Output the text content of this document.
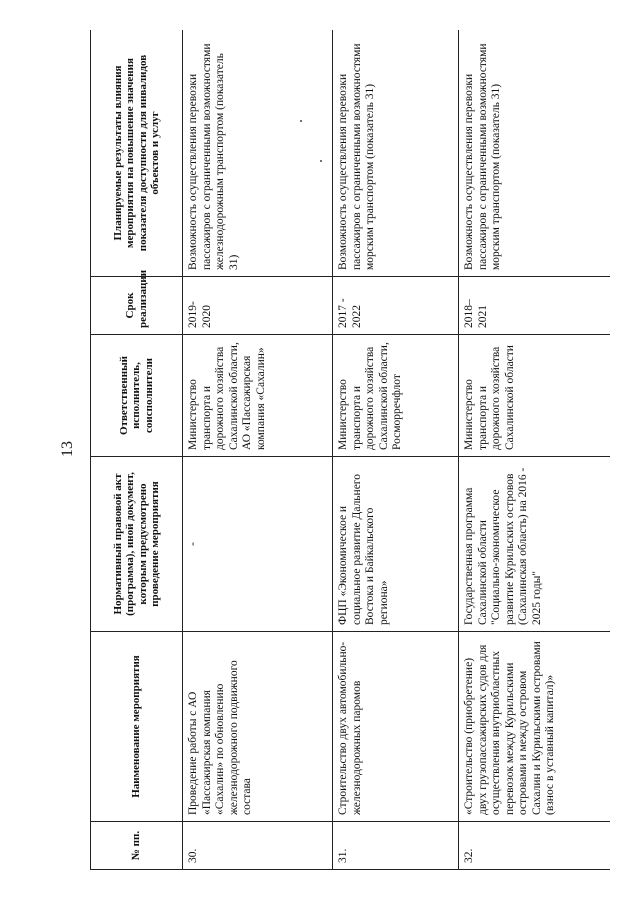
13
№ пп.	Наименование мероприятия	Нормативный правовой акт (программа), иной документ, которым предусмотрено проведение мероприятия	Ответственный исполнитель, соисполнители	Срок реализации	Планируемые результаты влияния мероприятия на повышение значения показателя доступности для инвалидов объектов и услуг
30.	Проведение работы с АО «Пассажирская компания «Сахалин» по обновлению железнодорожного подвижного состава	-	Министерство транспорта и дорожного хозяйства Сахалинской области, АО «Пассажирская компания «Сахалин»	2019-2020	Возможность осуществления перевозки пассажиров с ограниченными возможностями железнодорожным транспортом (показатель 31)
31.	Строительство двух автомобильно-железнодорожных паромов	ФЦП «Экономическое и социальное развитие Дальнего Востока и Байкальского региона»	Министерство транспорта и дорожного хозяйства Сахалинской области, Росморречфлот	2017 - 2022	Возможность осуществления перевозки пассажиров с ограниченными возможностями морским транспортом (показатель 31)
32.	«Строительство (приобретение) двух грузопассажирских судов для осуществления внутриобластных перевозок между Курильскими островами и между островом Сахалин и Курильскими островами (взнос в уставный капитал)»	Государственная программа Сахалинской области "Социально-экономическое развитие Курильских островов (Сахалинская область) на 2016 - 2025 годы"	Министерство транспорта и дорожного хозяйства Сахалинской области	2018–2021	Возможность осуществления перевозки пассажиров с ограниченными возможностями морским транспортом (показатель 31)
